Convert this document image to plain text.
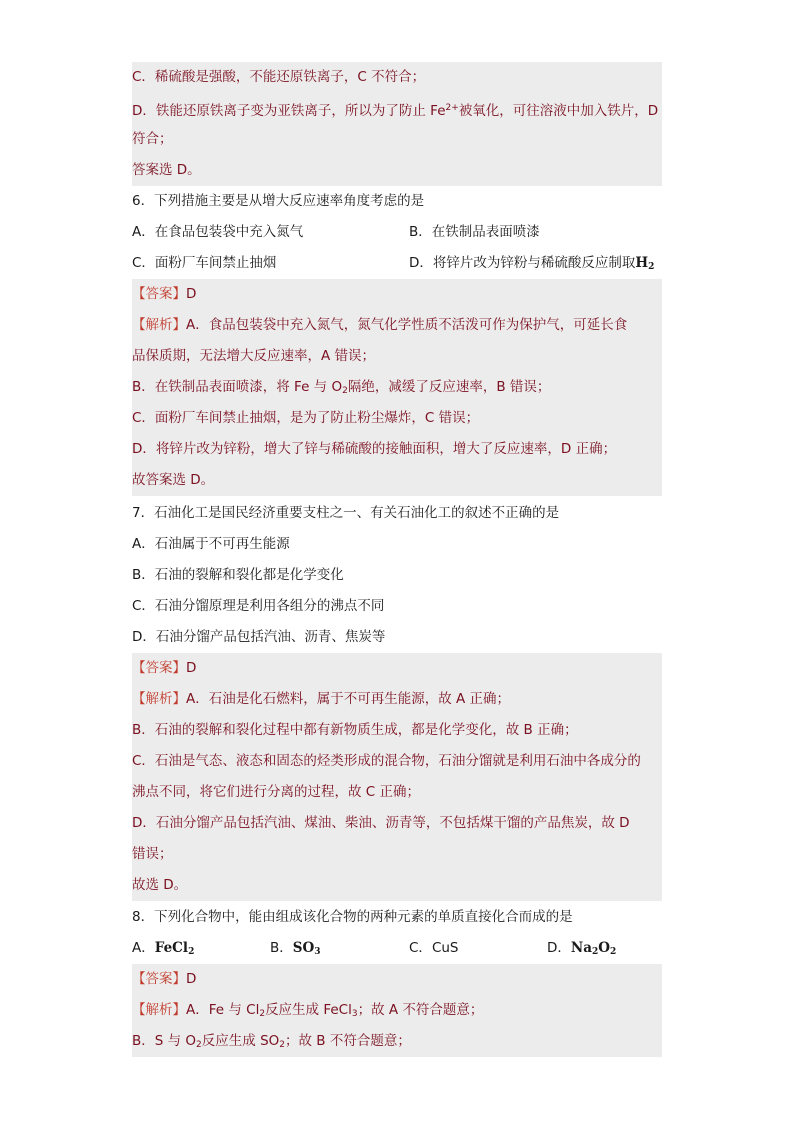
C．稀硫酸是强酸，不能还原铁离子，C 不符合；
D．铁能还原铁离子变为亚铁离子，所以为了防止 $Fe^{2+}$被氧化，可往溶液中加入铁片，D
符合；
答案选 D。
6．下列措施主要是从增大反应速率角度考虑的是
A．在食品包装袋中充入氮气	B．在铁制品表面喷漆
C．面粉厂车间禁止抽烟	D．将锌片改为锌粉与稀硫酸反应制取$H_2$
【答案】D
【解析】A．食品包装袋中充入氮气，氮气化学性质不活泼可作为保护气，可延长食
品保质期，无法增大反应速率，A 错误；
B．在铁制品表面喷漆，将 Fe 与 $O_2$隔绝，减缓了反应速率，B 错误；
C．面粉厂车间禁止抽烟，是为了防止粉尘爆炸，C 错误；
D．将锌片改为锌粉，增大了锌与稀硫酸的接触面积，增大了反应速率，D 正确；
故答案选 D。
7．石油化工是国民经济重要支柱之一、有关石油化工的叙述不正确的是
A．石油属于不可再生能源
B．石油的裂解和裂化都是化学变化
C．石油分馏原理是利用各组分的沸点不同
D．石油分馏产品包括汽油、沥青、焦炭等
【答案】D
【解析】A．石油是化石燃料，属于不可再生能源，故 A 正确；
B．石油的裂解和裂化过程中都有新物质生成，都是化学变化，故 B 正确；
C．石油是气态、液态和固态的烃类形成的混合物，石油分馏就是利用石油中各成分的
沸点不同，将它们进行分离的过程，故 C 正确；
D．石油分馏产品包括汽油、煤油、柴油、沥青等，不包括煤干馏的产品焦炭，故 D
错误；
故选 D。
8．下列化合物中，能由组成该化合物的两种元素的单质直接化合而成的是
A．FeCl$_2$	B．$SO_3$	C．CuS	D．$Na_2O_2$
【答案】D
【解析】A．Fe 与 $Cl_2$反应生成 FeCl$_3$；故 A 不符合题意；
B．S 与 $O_2$反应生成 $SO_2$；故 B 不符合题意；
